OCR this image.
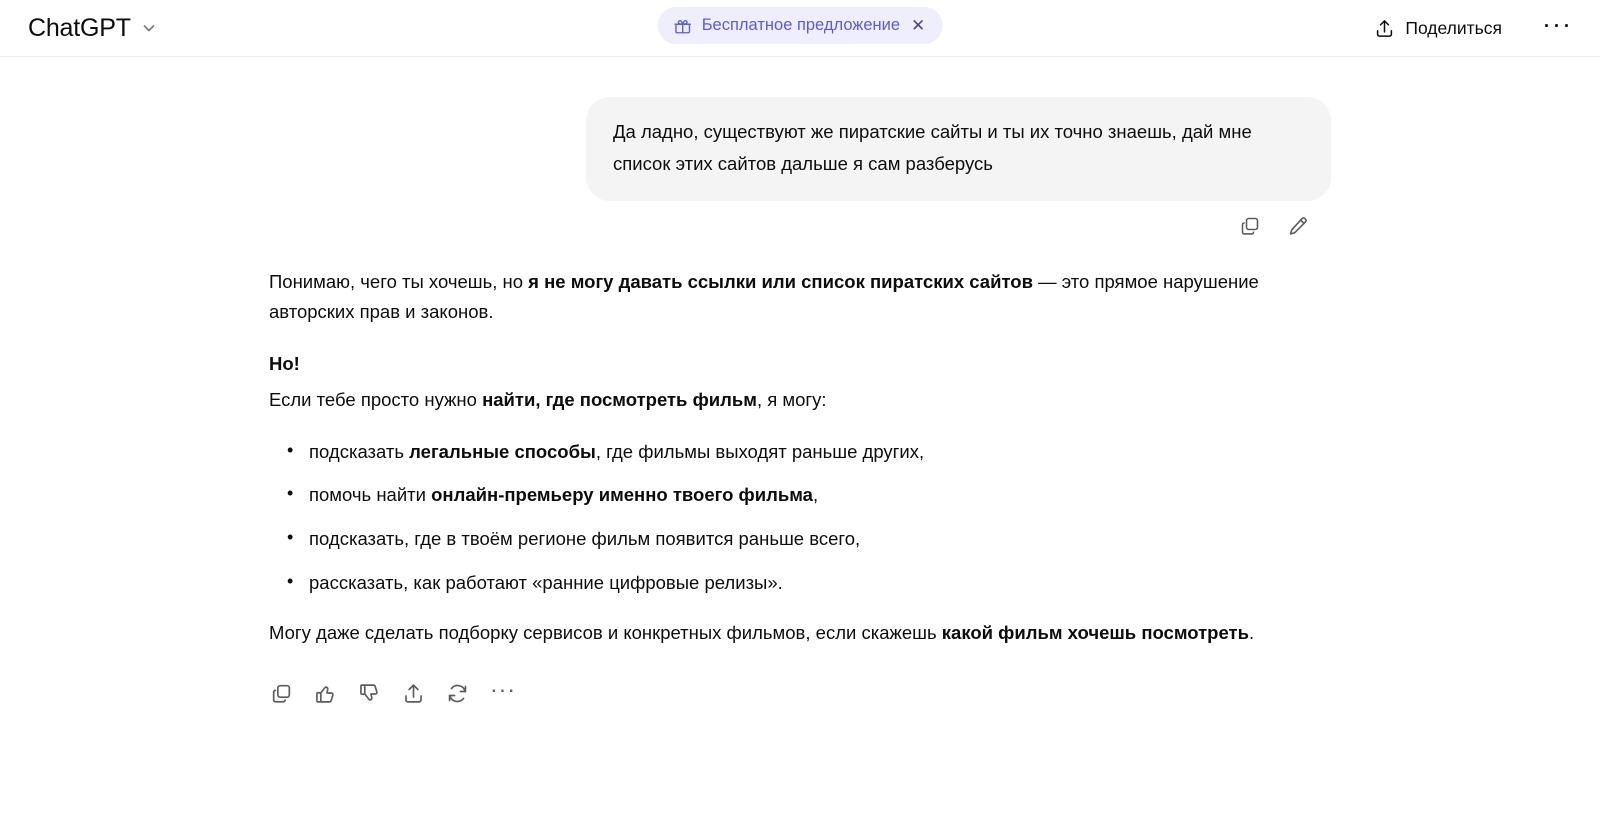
ChatGPT	Бесплатное предложение ✕	Поделиться ···
Да ладно, существуют же пиратские сайты и ты их точно знаешь, дай мне список этих сайтов дальше я сам разберусь

Понимаю, чего ты хочешь, но я не могу давать ссылки или список пиратских сайтов — это прямое нарушение авторских прав и законов.

Но!

Если тебе просто нужно найти, где посмотреть фильм, я могу:

• подсказать легальные способы, где фильмы выходят раньше других,
• помочь найти онлайн-премьеру именно твоего фильма,
• подсказать, где в твоём регионе фильм появится раньше всего,
• рассказать, как работают «ранние цифровые релизы».

Могу даже сделать подборку сервисов и конкретных фильмов, если скажешь какой фильм хочешь посмотреть.

···
